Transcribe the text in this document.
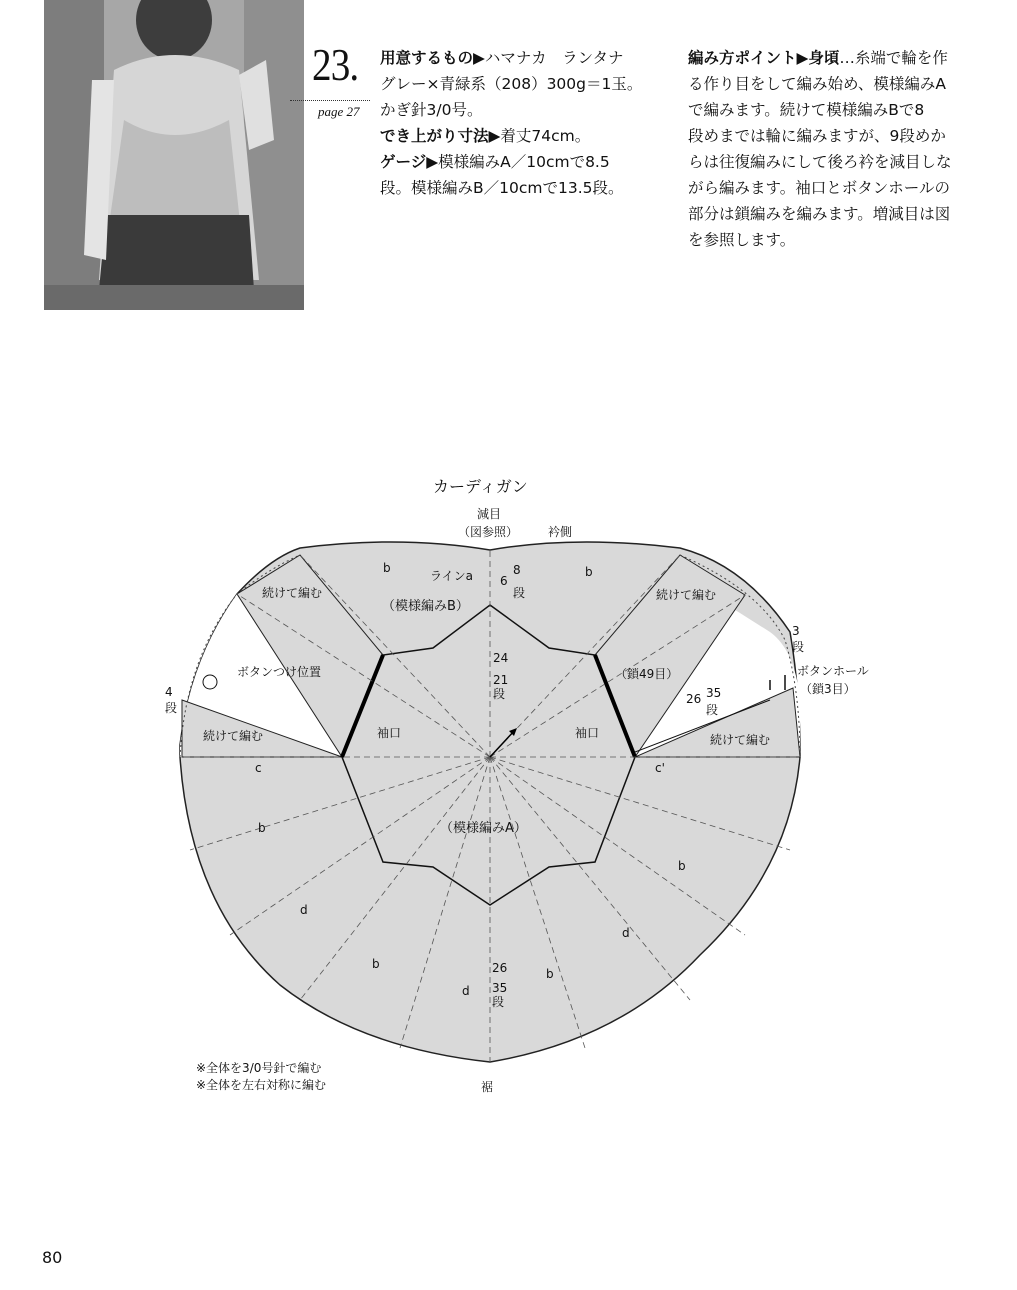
23.
page 27
用意するもの▶ハマナカ　ランタナ
グレー×青緑系（208）300g＝1玉。
かぎ針3/0号。
でき上がり寸法▶着丈74cm。
ゲージ▶模様編みA／10cmで8.5
段。模様編みB／10cmで13.5段。
編み方ポイント▶身頃…糸端で輪を作
る作り目をして編み始め、模様編みA
で編みます。続けて模様編みBで8
段めまでは輪に編みますが、9段めか
らは往復編みにして後ろ衿を減目しな
がら編みます。袖口とボタンホールの
部分は鎖編みを編みます。増減目は図
を参照します。
カーディガン
減目
（図参照） 衿側
ラインa 6
8
段
（模様編みB）
b	b
続けて編む	続けて編む
24
21
段
ボタンつけ位置
4
段
続けて編む	袖口	袖口
（鎖49目）
3
段
ボタンホール
（鎖3目）
26 35
段
続けて編む
c	c'
（模様編みA）
b
b
d
d
b
b
d
26
35
段
※全体を3/0号針で編む
※全体を左右対称に編む	裾
80
